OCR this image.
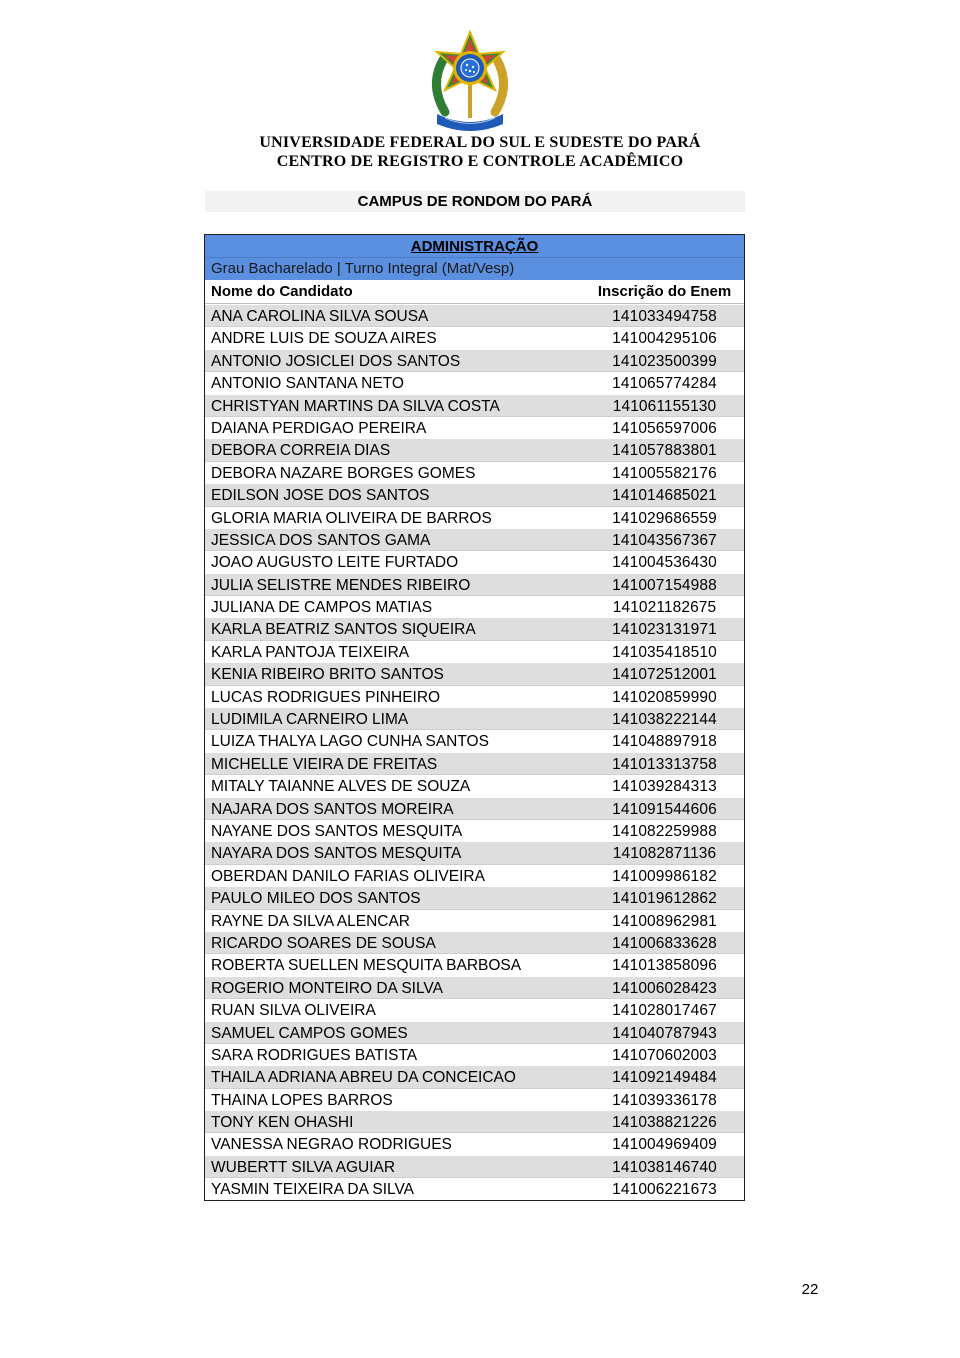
UNIVERSIDADE FEDERAL DO SUL E SUDESTE DO PARÁ
CENTRO DE REGISTRO E CONTROLE ACADÊMICO
CAMPUS DE RONDOM DO PARÁ
ADMINISTRAÇÃO
Grau Bacharelado | Turno Integral (Mat/Vesp)
Nome do Candidato	Inscrição do Enem
ANA CAROLINA SILVA SOUSA	141033494758
ANDRE LUIS DE SOUZA AIRES	141004295106
ANTONIO JOSICLEI DOS SANTOS	141023500399
ANTONIO SANTANA NETO	141065774284
CHRISTYAN MARTINS DA SILVA COSTA	141061155130
DAIANA PERDIGAO PEREIRA	141056597006
DEBORA CORREIA DIAS	141057883801
DEBORA NAZARE BORGES GOMES	141005582176
EDILSON JOSE DOS SANTOS	141014685021
GLORIA MARIA OLIVEIRA DE BARROS	141029686559
JESSICA DOS SANTOS GAMA	141043567367
JOAO AUGUSTO LEITE FURTADO	141004536430
JULIA SELISTRE MENDES RIBEIRO	141007154988
JULIANA DE CAMPOS MATIAS	141021182675
KARLA BEATRIZ SANTOS SIQUEIRA	141023131971
KARLA PANTOJA TEIXEIRA	141035418510
KENIA RIBEIRO BRITO SANTOS	141072512001
LUCAS RODRIGUES PINHEIRO	141020859990
LUDIMILA CARNEIRO LIMA	141038222144
LUIZA THALYA LAGO CUNHA SANTOS	141048897918
MICHELLE VIEIRA DE FREITAS	141013313758
MITALY TAIANNE ALVES DE SOUZA	141039284313
NAJARA DOS SANTOS MOREIRA	141091544606
NAYANE DOS SANTOS MESQUITA	141082259988
NAYARA DOS SANTOS MESQUITA	141082871136
OBERDAN DANILO FARIAS OLIVEIRA	141009986182
PAULO MILEO DOS SANTOS	141019612862
RAYNE DA SILVA ALENCAR	141008962981
RICARDO SOARES DE SOUSA	141006833628
ROBERTA SUELLEN MESQUITA BARBOSA	141013858096
ROGERIO MONTEIRO DA SILVA	141006028423
RUAN SILVA OLIVEIRA	141028017467
SAMUEL CAMPOS GOMES	141040787943
SARA RODRIGUES BATISTA	141070602003
THAILA ADRIANA ABREU DA CONCEICAO	141092149484
THAINA LOPES BARROS	141039336178
TONY KEN OHASHI	141038821226
VANESSA NEGRAO RODRIGUES	141004969409
WUBERTT SILVA AGUIAR	141038146740
YASMIN TEIXEIRA DA SILVA	141006221673
22
